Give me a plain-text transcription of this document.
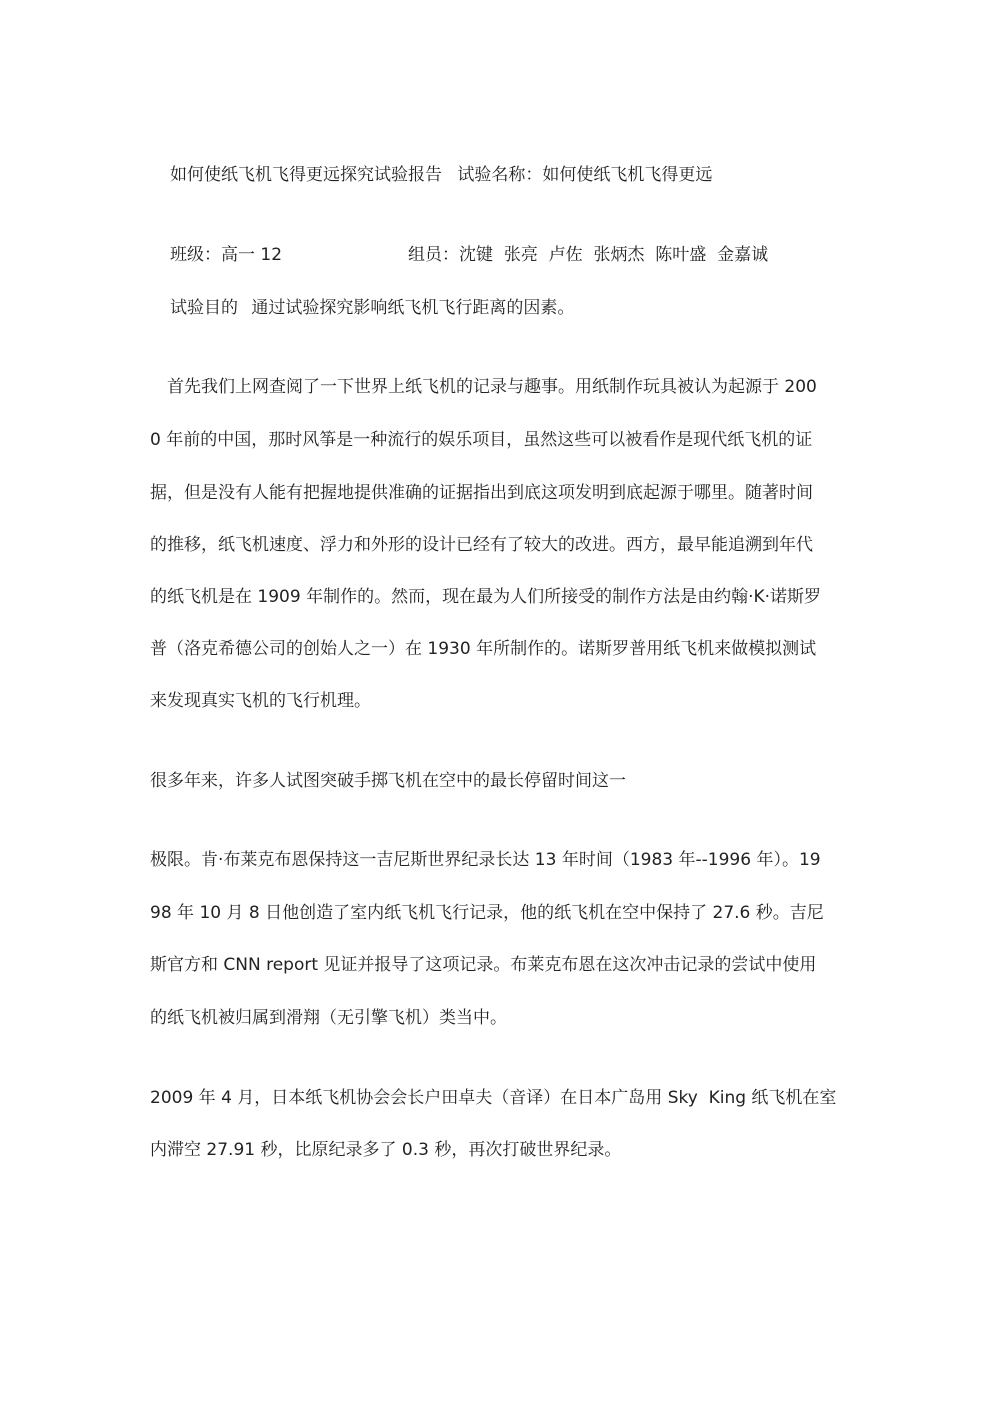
如何使纸飞机飞得更远探究试验报告 试验名称：如何使纸飞机飞得更远
班级：高一 12	组员：沈键  张亮  卢佐  张炳杰  陈叶盛  金嘉诚
试验目的 通过试验探究影响纸飞机飞行距离的因素。
首先我们上网查阅了一下世界上纸飞机的记录与趣事。用纸制作玩具被认为起源于 200
0 年前的中国，那时风筝是一种流行的娱乐项目，虽然这些可以被看作是现代纸飞机的证
据，但是没有人能有把握地提供准确的证据指出到底这项发明到底起源于哪里。随著时间
的推移，纸飞机速度、浮力和外形的设计已经有了较大的改进。西方，最早能追溯到年代
的纸飞机是在 1909 年制作的。然而，现在最为人们所接受的制作方法是由约翰·K·诺斯罗
普（洛克希德公司的创始人之一）在 1930 年所制作的。诺斯罗普用纸飞机来做模拟测试
来发现真实飞机的飞行机理。
很多年来，许多人试图突破手掷飞机在空中的最长停留时间这一
极限。肯·布莱克布恩保持这一吉尼斯世界纪录长达 13 年时间（1983 年--1996 年）。19
98 年 10 月 8 日他创造了室内纸飞机飞行记录，他的纸飞机在空中保持了 27.6 秒。吉尼
斯官方和 CNN report 见证并报导了这项记录。布莱克布恩在这次冲击记录的尝试中使用
的纸飞机被归属到滑翔（无引擎飞机）类当中。
2009 年 4 月，日本纸飞机协会会长户田卓夫（音译）在日本广岛用 Sky  King 纸飞机在室
内滞空 27.91 秒，比原纪录多了 0.3 秒，再次打破世界纪录。
